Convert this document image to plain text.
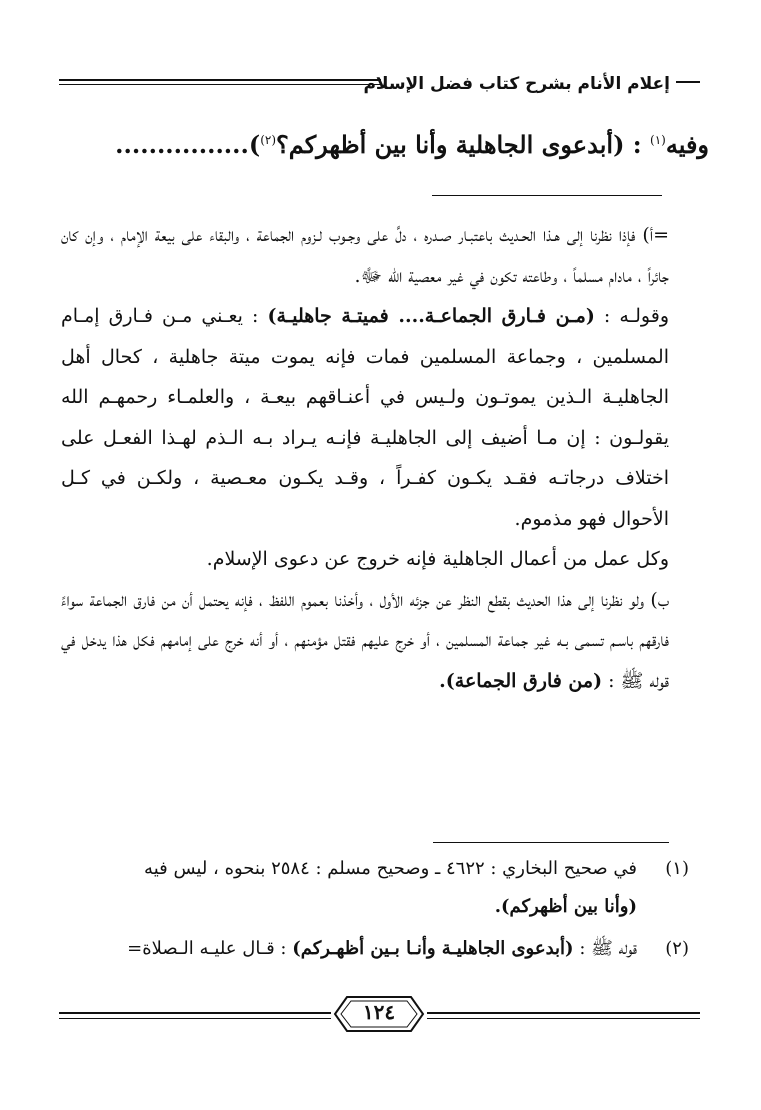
إعلام الأنام بشرح كتاب فضل الإسلام
وفيه$^{(١)}$ : (أبدعوى الجاهلية وأنا بين أظهركم؟$^{(٢)}$)................

=أ) فإذا نظرنا إلى هـذا الحـديث باعتبـار صـدره ، دلَّ على وجـوب لـزوم الجماعة ، والبقاء على بيعة الإمام ، وإن كان جائراً ، مادام مسلماً ، وطاعته تكون في غير معصية الله ﷻ.

وقولـه : (مـن فـارق الجماعـة.... فميتـة جاهليـة) : يعـني مـن فـارق إمـام المسلمين ، وجماعة المسلمين فمات فإنه يموت ميتة جاهلية ، كحال أهل الجاهليـة الـذين يموتـون ولـيس في أعنـاقهم بيعـة ، والعلمـاء رحمهـم الله يقولـون : إن مـا أضيف إلى الجاهليـة فإنـه يـراد بـه الـذم لهـذا الفعـل على اختلاف درجاتـه فقـد يكـون كفـراً ، وقـد يكـون معـصية ، ولكـن في كـل الأحوال فهو مذموم.

وكل عمل من أعمال الجاهلية فإنه خروج عن دعوى الإسلام.

ب) ولو نظرنا إلى هذا الحديث بقطع النظر عن جزئه الأول ، وأخذنا بعموم اللفظ ، فإنه يحتمل أن من فارق الجماعة سواءً فارقهم باسـم تسمى بـه غير جماعة المسلمين ، أو خرج عليهم فقتل مؤمنهم ، أو أنه خرج على إمامهم فكل هذا يدخل في قوله ﷺ : (من فارق الجماعة).

(١)
في صحيح البخاري : ٤٦٢٢ ـ وصحيح مسلم : ٢٥٨٤ بنحوه ، ليس فيه
(وأنا بين أظهركم).
(٢)
قوله ﷺ : (أبدعوى الجاهليـة وأنـا بـين أظهـركم) : قـال عليـه الـصلاة=
١٢٤
